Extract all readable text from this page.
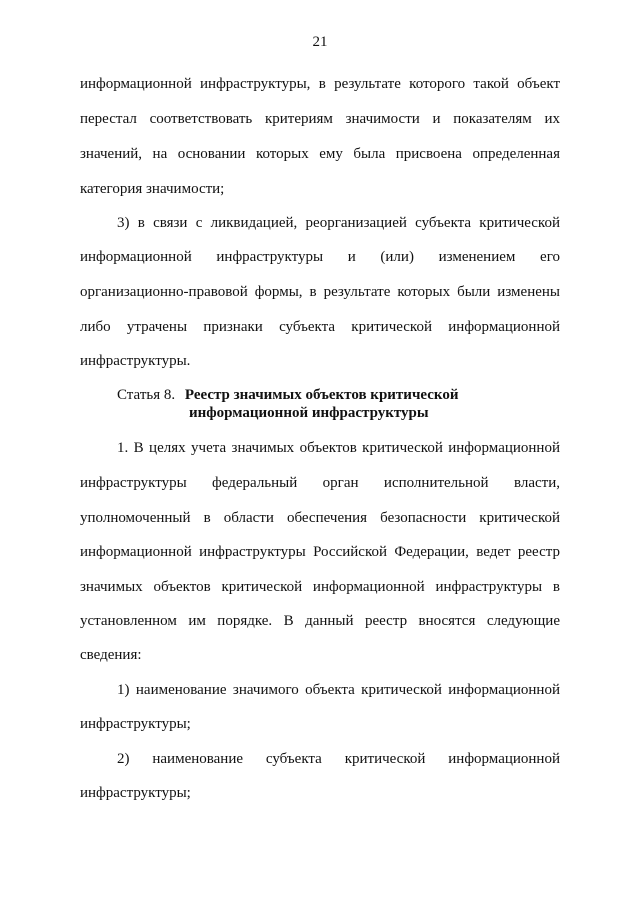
21
информационной инфраструктуры, в результате которого такой объект
перестал соответствовать критериям значимости и показателям их
значений, на основании которых ему была присвоена определенная
категория значимости;
3) в связи с ликвидацией, реорганизацией субъекта критической
информационной инфраструктуры и (или) изменением его
организационно-правовой формы, в результате которых были изменены
либо утрачены признаки субъекта критической информационной
инфраструктуры.
Статья 8. Реестр значимых объектов критической
информационной инфраструктуры
1. В целях учета значимых объектов критической информационной
инфраструктуры федеральный орган исполнительной власти,
уполномоченный в области обеспечения безопасности критической
информационной инфраструктуры Российской Федерации, ведет реестр
значимых объектов критической информационной инфраструктуры в
установленном им порядке. В данный реестр вносятся следующие
сведения:
1) наименование значимого объекта критической информационной
инфраструктуры;
2) наименование субъекта критической информационной
инфраструктуры;
